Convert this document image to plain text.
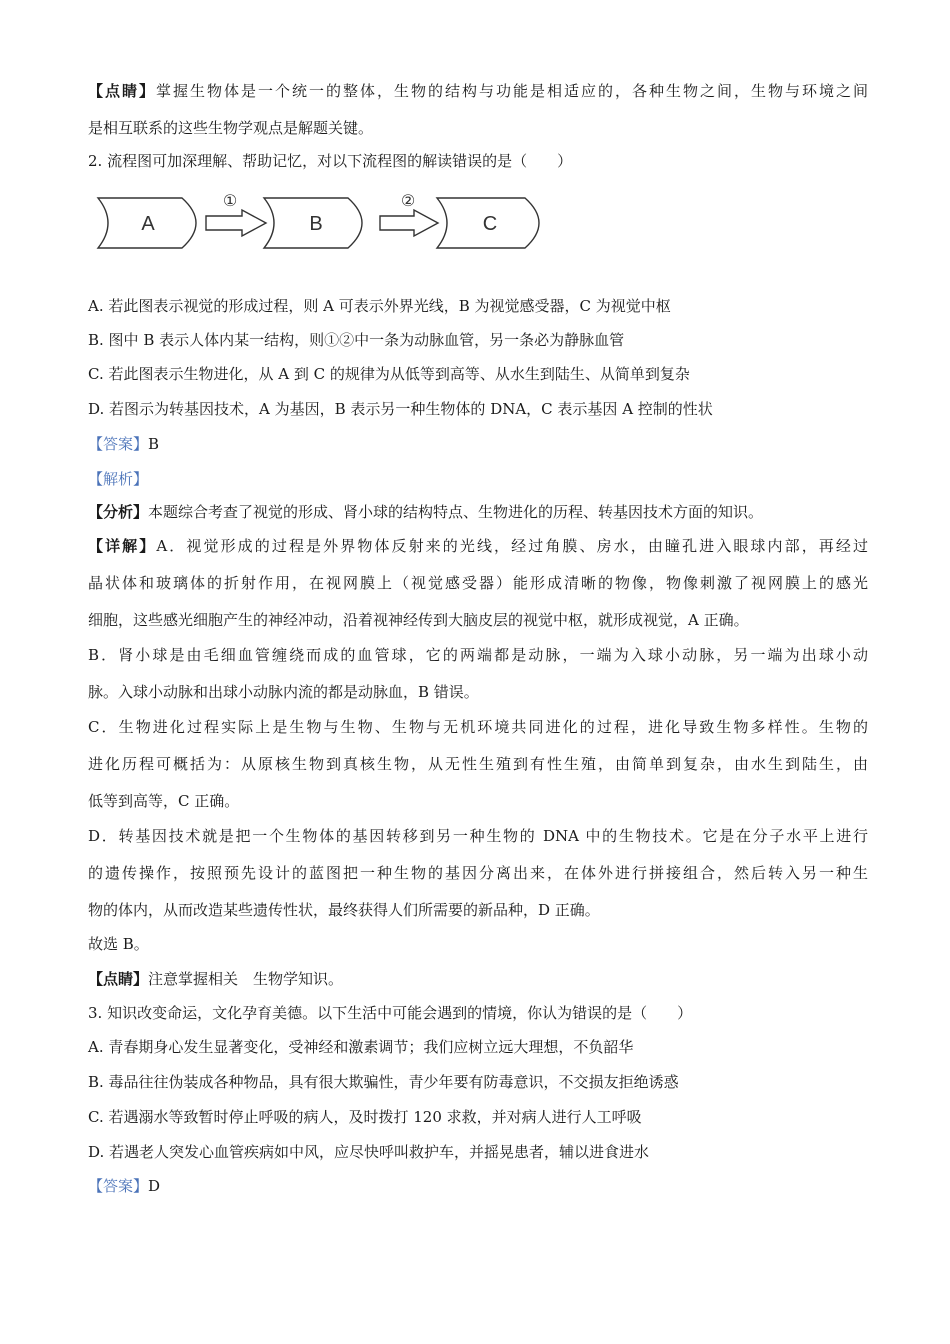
【点睛】掌握生物体是一个统一的整体，生物的结构与功能是相适应的，各种生物之间，生物与环境之间
是相互联系的这些生物学观点是解题关键。
2. 流程图可加深理解、帮助记忆，对以下流程图的解读错误的是（　　）
A	B	C
①	②
A. 若此图表示视觉的形成过程，则 A 可表示外界光线，B 为视觉感受器，C 为视觉中枢
B. 图中 B 表示人体内某一结构，则①②中一条为动脉血管，另一条必为静脉血管
C. 若此图表示生物进化，从 A 到 C 的规律为从低等到高等、从水生到陆生、从简单到复杂
D. 若图示为转基因技术，A 为基因，B 表示另一种生物体的 DNA，C 表示基因 A 控制的性状
【答案】B
【解析】
【分析】本题综合考查了视觉的形成、肾小球的结构特点、生物进化的历程、转基因技术方面的知识。
【详解】A．视觉形成的过程是外界物体反射来的光线，经过角膜、房水，由瞳孔进入眼球内部，再经过
晶状体和玻璃体的折射作用，在视网膜上（视觉感受器）能形成清晰的物像，物像刺激了视网膜上的感光
细胞，这些感光细胞产生的神经冲动，沿着视神经传到大脑皮层的视觉中枢，就形成视觉，A 正确。
B．肾小球是由毛细血管缠绕而成的血管球，它的两端都是动脉，一端为入球小动脉，另一端为出球小动
脉。入球小动脉和出球小动脉内流的都是动脉血，B 错误。
C．生物进化过程实际上是生物与生物、生物与无机环境共同进化的过程，进化导致生物多样性。生物的
进化历程可概括为：从原核生物到真核生物，从无性生殖到有性生殖，由简单到复杂，由水生到陆生，由
低等到高等，C 正确。
D．转基因技术就是把一个生物体的基因转移到另一种生物的 DNA 中的生物技术。它是在分子水平上进行
的遗传操作，按照预先设计的蓝图把一种生物的基因分离出来，在体外进行拼接组合，然后转入另一种生
物的体内，从而改造某些遗传性状，最终获得人们所需要的新品种，D 正确。
故选 B。
【点睛】注意掌握相关　生物学知识。
3. 知识改变命运，文化孕育美德。以下生活中可能会遇到的情境，你认为错误的是（　　）
A. 青春期身心发生显著变化，受神经和激素调节；我们应树立远大理想，不负韶华
B. 毒品往往伪装成各种物品，具有很大欺骗性，青少年要有防毒意识，不交损友拒绝诱惑
C. 若遇溺水等致暂时停止呼吸的病人，及时拨打 120 求救，并对病人进行人工呼吸
D. 若遇老人突发心血管疾病如中风，应尽快呼叫救护车，并摇晃患者，辅以进食进水
【答案】D
